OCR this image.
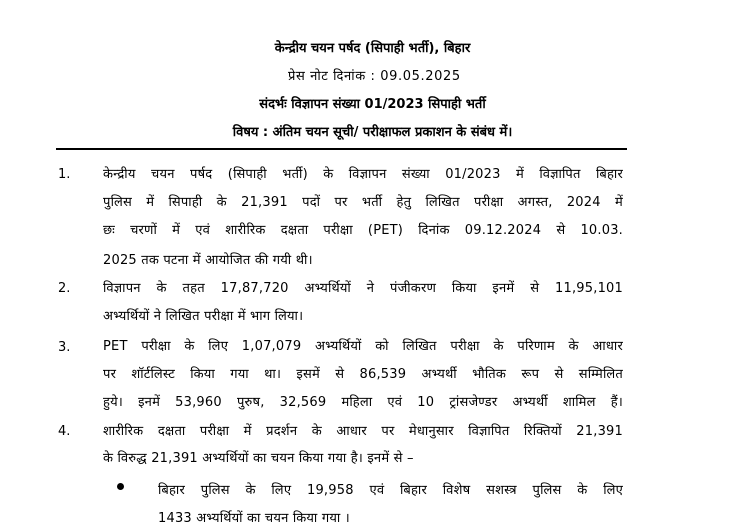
केन्द्रीय चयन पर्षद (सिपाही भर्ती), बिहार
प्रेस नोट दिनांक : 09.05.2025
संदर्भः विज्ञापन संख्या 01/2023 सिपाही भर्ती
विषय : अंतिम चयन सूची/ परीक्षाफल प्रकाशन के संबंध में।
1.	केन्द्रीय चयन पर्षद (सिपाही भर्ती) के विज्ञापन संख्या 01/2023 में विज्ञापित बिहार
पुलिस में सिपाही के 21,391 पदों पर भर्ती हेतु लिखित परीक्षा अगस्त, 2024 में
छः चरणों में एवं शारीरिक दक्षता परीक्षा (PET) दिनांक 09.12.2024 से 10.03.
2025 तक पटना में आयोजित की गयी थी।
2.	विज्ञापन के तहत 17,87,720 अभ्यर्थियों ने पंजीकरण किया इनमें से 11,95,101
अभ्यर्थियों ने लिखित परीक्षा में भाग लिया।
3.	PET परीक्षा के लिए 1,07,079 अभ्यर्थियों को लिखित परीक्षा के परिणाम के आधार
पर शॉर्टलिस्ट किया गया था। इसमें से 86,539 अभ्यर्थी भौतिक रूप से सम्मिलित
हुये। इनमें 53,960 पुरुष, 32,569 महिला एवं 10 ट्रांसजेण्डर अभ्यर्थी शामिल हैं।
4.	शारीरिक दक्षता परीक्षा में प्रदर्शन के आधार पर मेधानुसार विज्ञापित रिक्तियों 21,391
के विरुद्ध 21,391 अभ्यर्थियों का चयन किया गया है। इनमें से –
बिहार पुलिस के लिए 19,958 एवं बिहार विशेष सशस्त्र पुलिस के लिए
1433 अभ्यर्थियों का चयन किया गया ।
